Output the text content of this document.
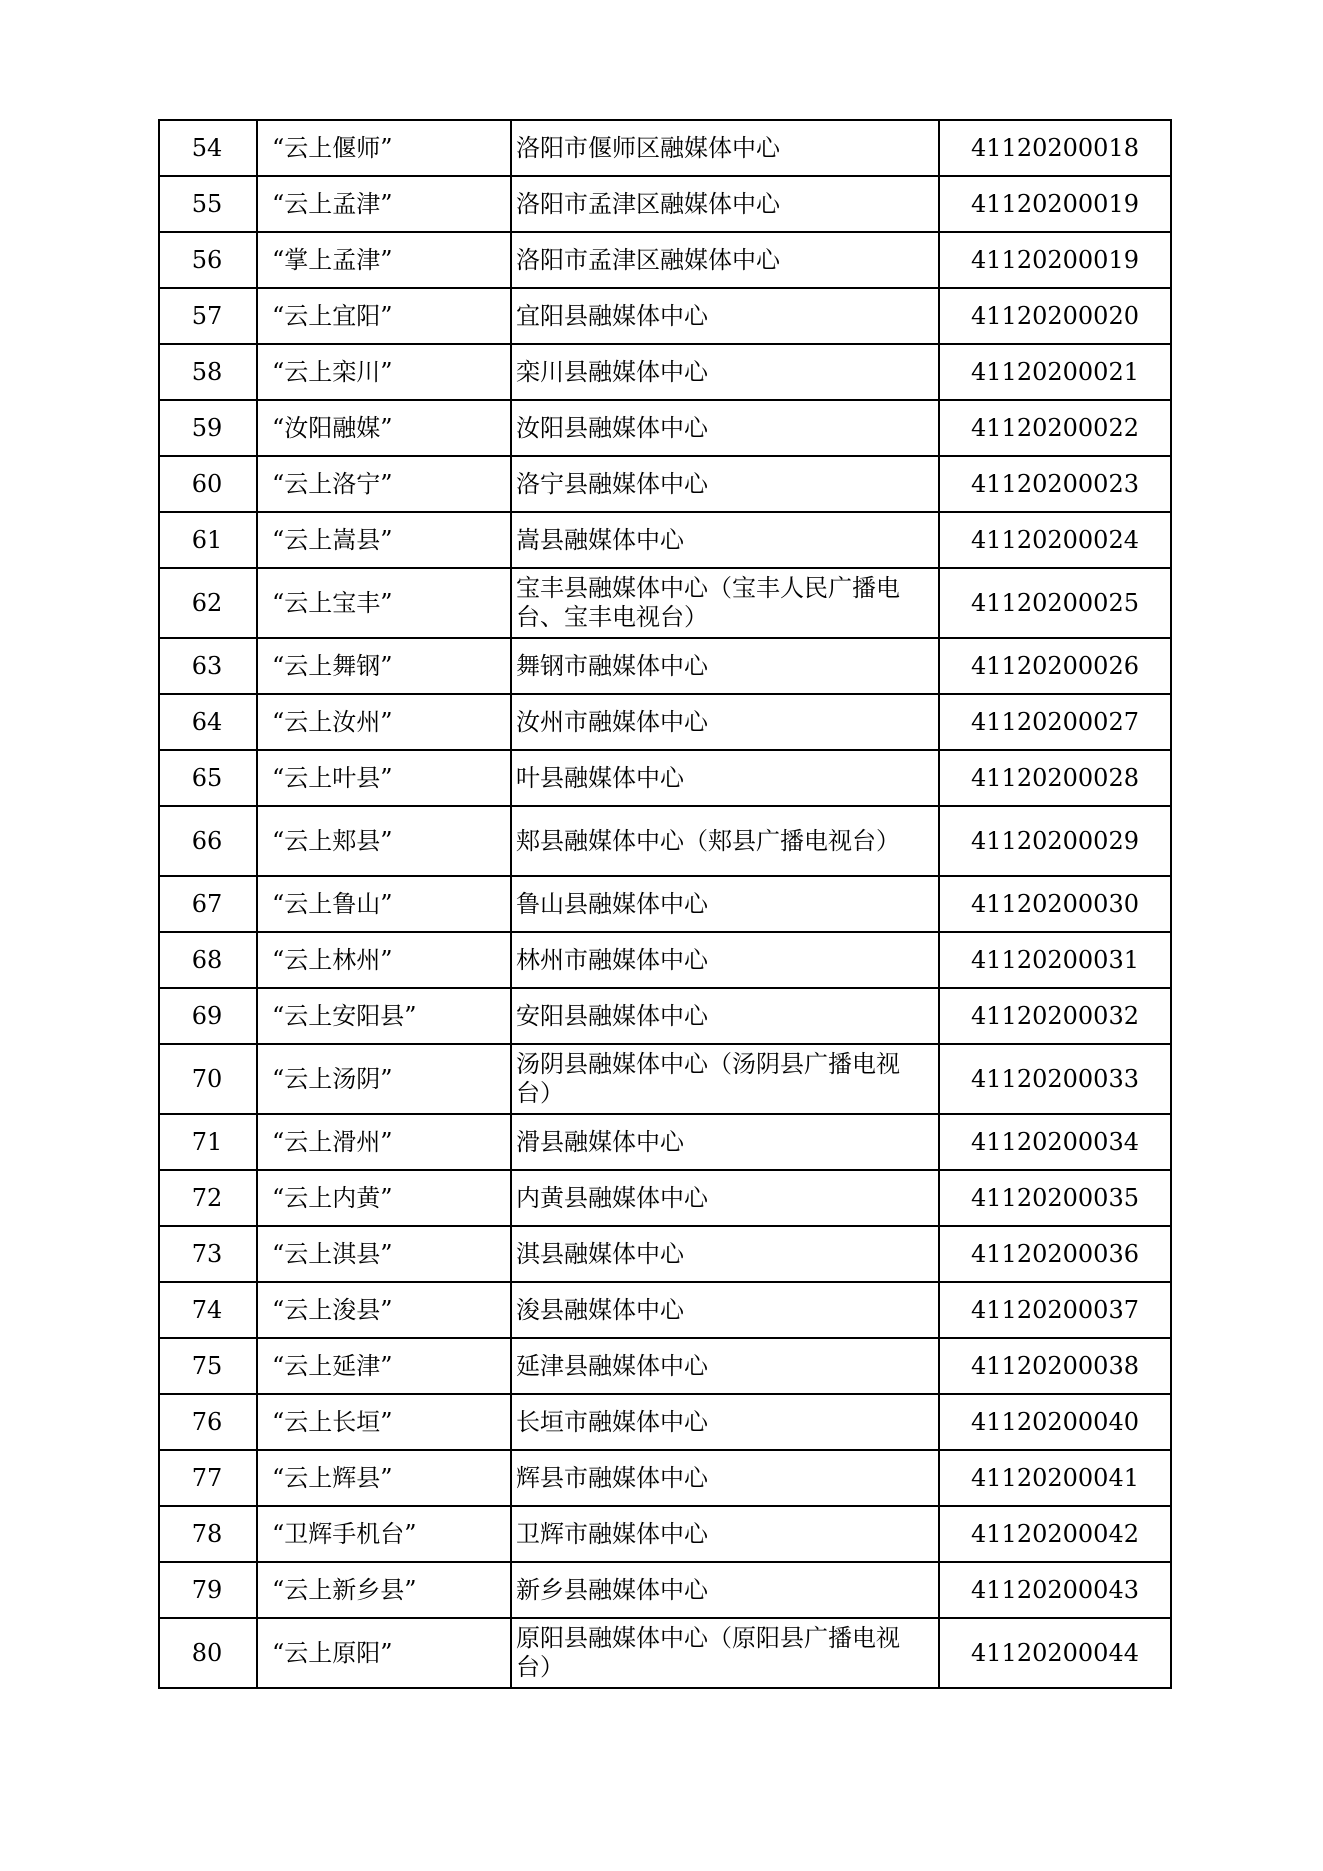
54	“云上偃师”	洛阳市偃师区融媒体中心	41120200018
55	“云上孟津”	洛阳市孟津区融媒体中心	41120200019
56	“掌上孟津”	洛阳市孟津区融媒体中心	41120200019
57	“云上宜阳”	宜阳县融媒体中心	41120200020
58	“云上栾川”	栾川县融媒体中心	41120200021
59	“汝阳融媒”	汝阳县融媒体中心	41120200022
60	“云上洛宁”	洛宁县融媒体中心	41120200023
61	“云上嵩县”	嵩县融媒体中心	41120200024
62	“云上宝丰”	宝丰县融媒体中心（宝丰人民广播电台、宝丰电视台）	41120200025
63	“云上舞钢”	舞钢市融媒体中心	41120200026
64	“云上汝州”	汝州市融媒体中心	41120200027
65	“云上叶县”	叶县融媒体中心	41120200028
66	“云上郏县”	郏县融媒体中心（郏县广播电视台）	41120200029
67	“云上鲁山”	鲁山县融媒体中心	41120200030
68	“云上林州”	林州市融媒体中心	41120200031
69	“云上安阳县”	安阳县融媒体中心	41120200032
70	“云上汤阴”	汤阴县融媒体中心（汤阴县广播电视台）	41120200033
71	“云上滑州”	滑县融媒体中心	41120200034
72	“云上内黄”	内黄县融媒体中心	41120200035
73	“云上淇县”	淇县融媒体中心	41120200036
74	“云上浚县”	浚县融媒体中心	41120200037
75	“云上延津”	延津县融媒体中心	41120200038
76	“云上长垣”	长垣市融媒体中心	41120200040
77	“云上辉县”	辉县市融媒体中心	41120200041
78	“卫辉手机台”	卫辉市融媒体中心	41120200042
79	“云上新乡县”	新乡县融媒体中心	41120200043
80	“云上原阳”	原阳县融媒体中心（原阳县广播电视台）	41120200044
